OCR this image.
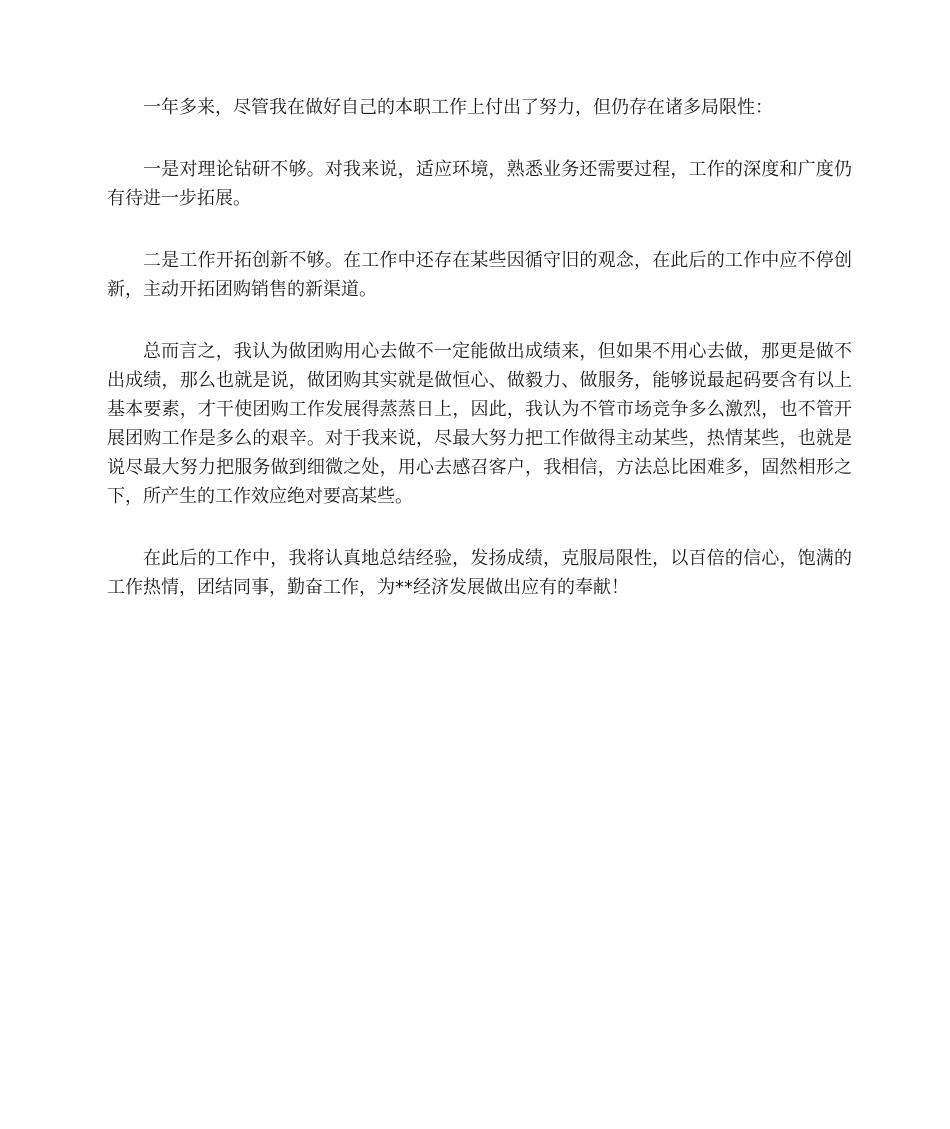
一年多来，尽管我在做好自己的本职工作上付出了努力，但仍存在诸多局限性：

一是对理论钻研不够。对我来说，适应环境，熟悉业务还需要过程，工作的深度和广度仍有待进一步拓展。

二是工作开拓创新不够。在工作中还存在某些因循守旧的观念，在此后的工作中应不停创新，主动开拓团购销售的新渠道。

总而言之，我认为做团购用心去做不一定能做出成绩来，但如果不用心去做，那更是做不出成绩，那么也就是说，做团购其实就是做恒心、做毅力、做服务，能够说最起码要含有以上基本要素，才干使团购工作发展得蒸蒸日上，因此，我认为不管市场竞争多么激烈，也不管开展团购工作是多么的艰辛。对于我来说，尽最大努力把工作做得主动某些，热情某些，也就是说尽最大努力把服务做到细微之处，用心去感召客户，我相信，方法总比困难多，固然相形之下，所产生的工作效应绝对要高某些。

在此后的工作中，我将认真地总结经验，发扬成绩，克服局限性，以百倍的信心，饱满的工作热情，团结同事，勤奋工作，为**经济发展做出应有的奉献！
